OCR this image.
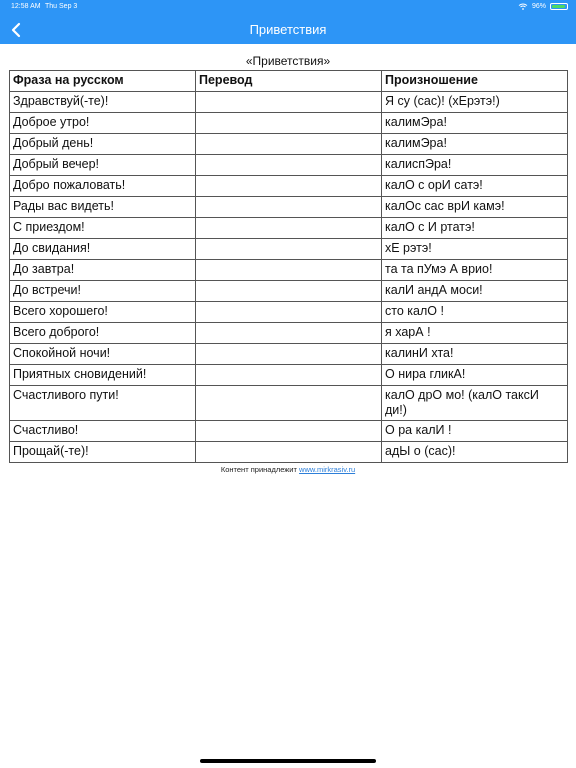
12:58 AM Thu Sep 3	96%
Приветствия
«Приветствия»
Фраза на русском	Перевод	Произношение
Здравствуй(-те)!		Я су (сас)! (хЕрэтэ!)
Доброе утро!		калимЭра!
Добрый день!		калимЭра!
Добрый вечер!		калиспЭра!
Добро пожаловать!		калО с орИ сатэ!
Рады вас видеть!		калОс сас врИ камэ!
С приездом!		калО с И ртатэ!
До свидания!		хЕ рэтэ!
До завтра!		та та пУмэ А врио!
До встречи!		калИ андА моси!
Всего хорошего!		сто калО !
Всего доброго!		я харА !
Спокойной ночи!		калинИ хта!
Приятных сновидений!		О нира гликА!
Счастливого пути!		калО дрО мо! (калО таксИ ди!)
Счастливо!		О ра калИ !
Прощай(-те)!		адЫ о (сас)!
Контент принадлежит www.mirkrasiv.ru
